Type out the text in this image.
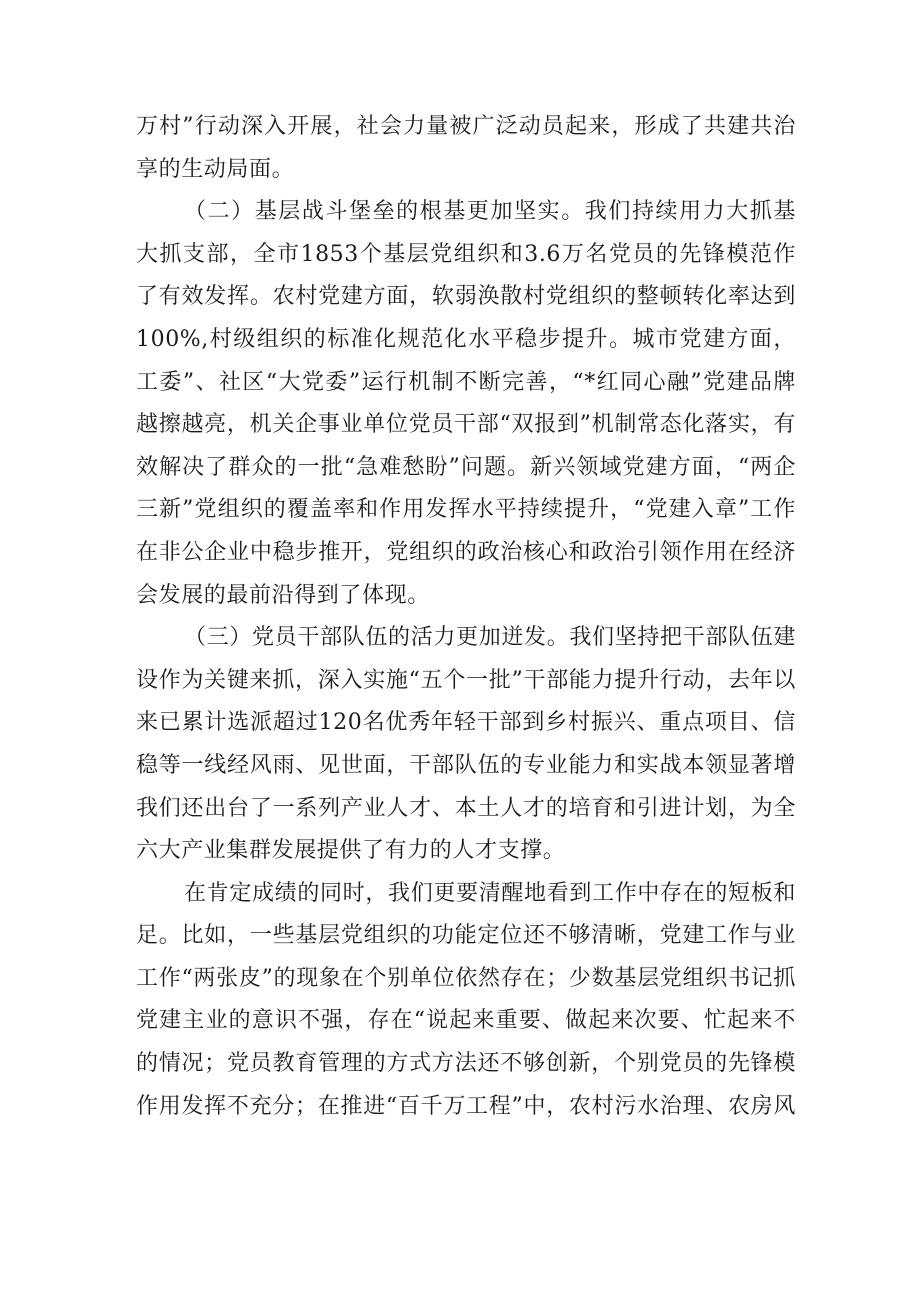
万村”行动深入开展，社会力量被广泛动员起来，形成了共建共治
享的生动局面。
（二）基层战斗堡垒的根基更加坚实。我们持续用力大抓基
大抓支部，全市1853个基层党组织和3.6万名党员的先锋模范作
了有效发挥。农村党建方面，软弱涣散村党组织的整顿转化率达到
100%,村级组织的标准化规范化水平稳步提升。城市党建方面，
工委”、社区“大党委”运行机制不断完善，“*红同心融”党建品牌
越擦越亮，机关企事业单位党员干部“双报到”机制常态化落实，有
效解决了群众的一批“急难愁盼”问题。新兴领域党建方面，“两企
三新”党组织的覆盖率和作用发挥水平持续提升，“党建入章”工作
在非公企业中稳步推开，党组织的政治核心和政治引领作用在经济
会发展的最前沿得到了体现。
（三）党员干部队伍的活力更加迸发。我们坚持把干部队伍建
设作为关键来抓，深入实施“五个一批”干部能力提升行动，去年以
来已累计选派超过120名优秀年轻干部到乡村振兴、重点项目、信
稳等一线经风雨、见世面，干部队伍的专业能力和实战本领显著增
我们还出台了一系列产业人才、本土人才的培育和引进计划，为全
六大产业集群发展提供了有力的人才支撑。
在肯定成绩的同时，我们更要清醒地看到工作中存在的短板和
足。比如，一些基层党组织的功能定位还不够清晰，党建工作与业
工作“两张皮”的现象在个别单位依然存在；少数基层党组织书记抓
党建主业的意识不强，存在“说起来重要、做起来次要、忙起来不
的情况；党员教育管理的方式方法还不够创新，个别党员的先锋模
作用发挥不充分；在推进“百千万工程”中，农村污水治理、农房风
